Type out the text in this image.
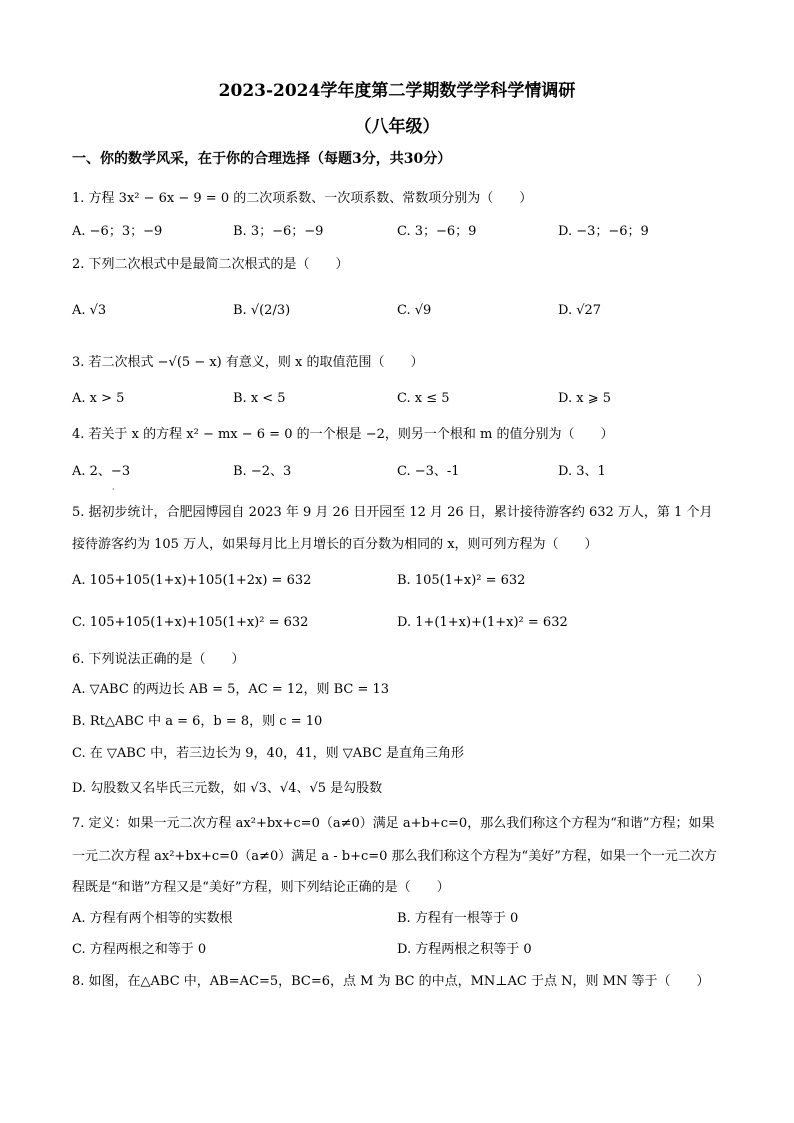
2023-2024学年度第二学期数学学科学情调研
（八年级）
一、你的数学风采，在于你的合理选择（每题3分，共30分）
1. 方程 3x² − 6x − 9 = 0 的二次项系数、一次项系数、常数项分别为（　　）
A. −6；3；−9	B. 3；−6；−9	C. 3；−6；9	D. −3；−6；9
2. 下列二次根式中是最简二次根式的是（　　）
A. √3	B. √(2/3)	C. √9	D. √27
3. 若二次根式 −√(5 − x) 有意义，则 x 的取值范围（　　）
A. x > 5	B. x < 5	C. x ≤ 5	D. x ⩾ 5
4. 若关于 x 的方程 x² − mx − 6 = 0 的一个根是 −2，则另一个根和 m 的值分别为（　　）
A. 2、−3	B. −2、3	C. −3、-1	D. 3、1
·
5. 据初步统计，合肥园博园自 2023 年 9 月 26 日开园至 12 月 26 日，累计接待游客约 632 万人，第 1 个月
接待游客约为 105 万人，如果每月比上月增长的百分数为相同的 x，则可列方程为（　　）
A. 105+105(1+x)+105(1+2x) = 632	B. 105(1+x)² = 632
C. 105+105(1+x)+105(1+x)² = 632	D. 1+(1+x)+(1+x)² = 632
6. 下列说法正确的是（　　）
A. ▽ABC 的两边长 AB = 5，AC = 12，则 BC = 13
B. Rt△ABC 中 a = 6，b = 8，则 c = 10
C. 在 ▽ABC 中，若三边长为 9，40，41，则 ▽ABC 是直角三角形
D. 勾股数又名毕氏三元数，如 √3、√4、√5 是勾股数
7. 定义：如果一元二次方程 ax²+bx+c=0（a≠0）满足 a+b+c=0，那么我们称这个方程为“和谐”方程；如果
一元二次方程 ax²+bx+c=0（a≠0）满足 a - b+c=0 那么我们称这个方程为“美好”方程，如果一个一元二次方
程既是“和谐”方程又是“美好”方程，则下列结论正确的是（　　）
A. 方程有两个相等的实数根	B. 方程有一根等于 0
C. 方程两根之和等于 0	D. 方程两根之积等于 0
8. 如图，在△ABC 中，AB=AC=5，BC=6，点 M 为 BC 的中点，MN⊥AC 于点 N，则 MN 等于（　　）
